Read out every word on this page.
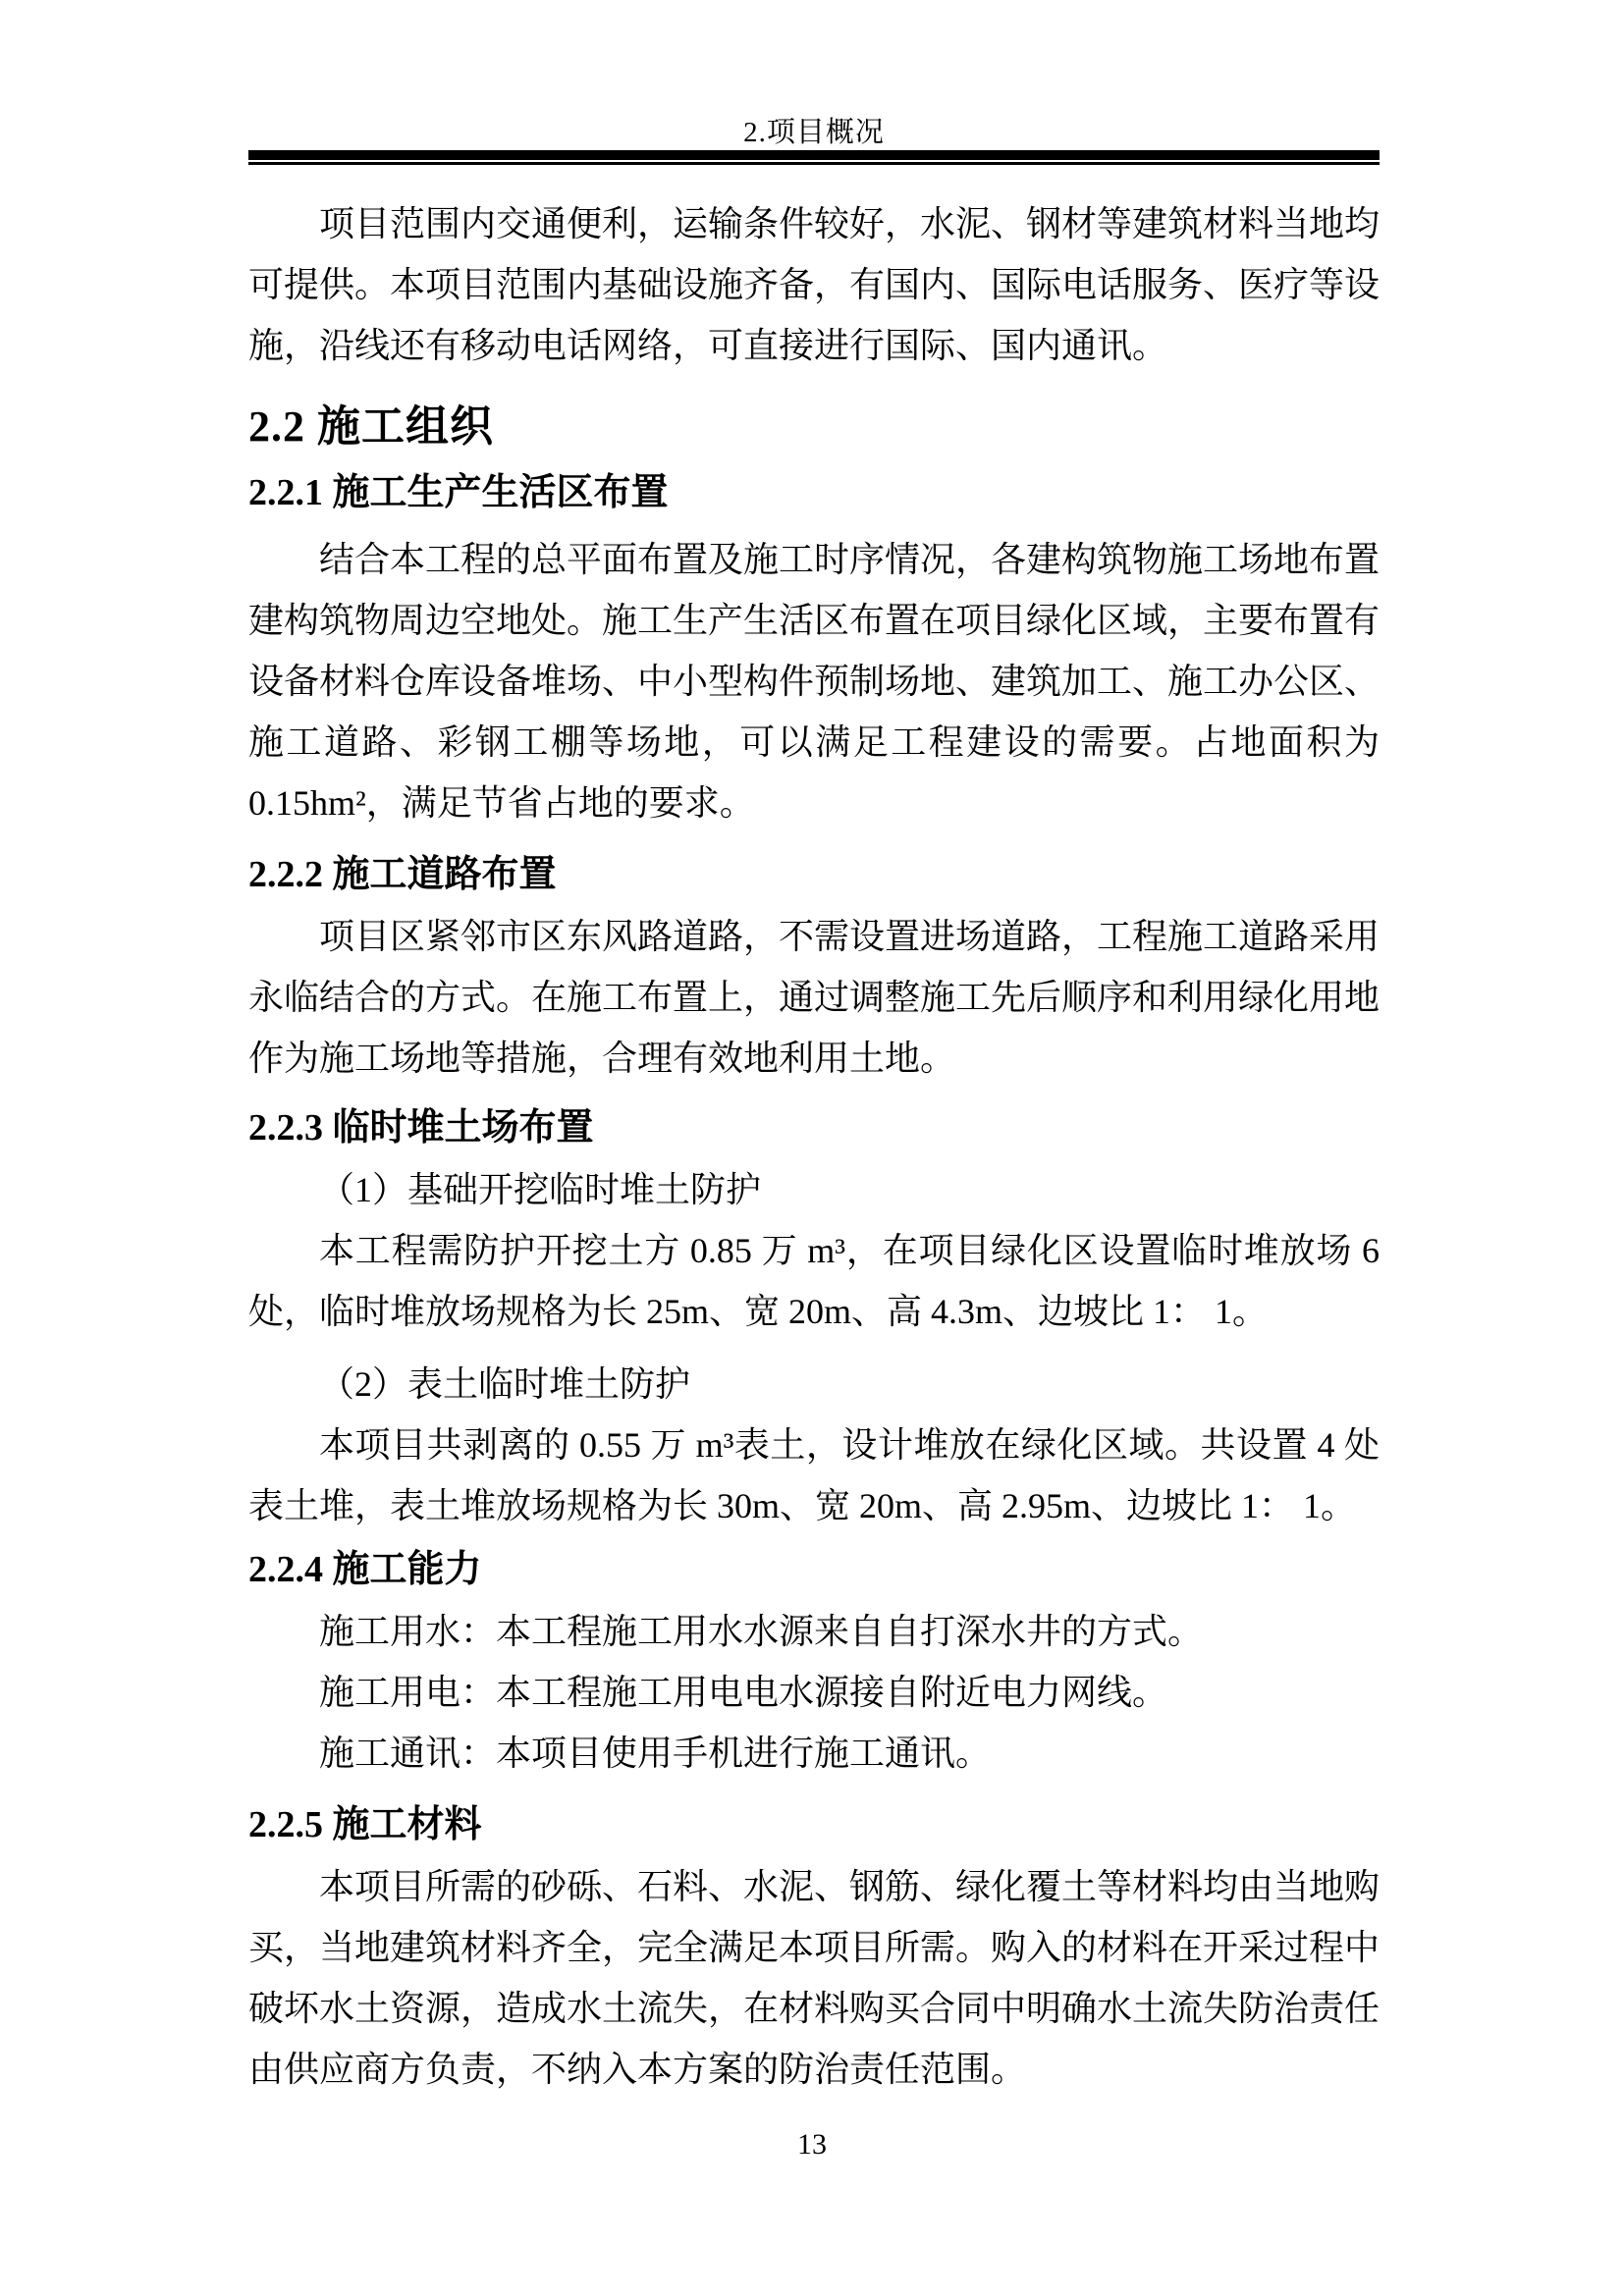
2.项目概况

项目范围内交通便利，运输条件较好，水泥、钢材等建筑材料当地均可提供。本项目范围内基础设施齐备，有国内、国际电话服务、医疗等设施，沿线还有移动电话网络，可直接进行国际、国内通讯。

2.2 施工组织
2.2.1 施工生产生活区布置

结合本工程的总平面布置及施工时序情况，各建构筑物施工场地布置建构筑物周边空地处。施工生产生活区布置在项目绿化区域，主要布置有设备材料仓库设备堆场、中小型构件预制场地、建筑加工、施工办公区、施工道路、彩钢工棚等场地，可以满足工程建设的需要。占地面积为 0.15hm²，满足节省占地的要求。

2.2.2 施工道路布置

项目区紧邻市区东风路道路，不需设置进场道路，工程施工道路采用永临结合的方式。在施工布置上，通过调整施工先后顺序和利用绿化用地作为施工场地等措施，合理有效地利用土地。

2.2.3 临时堆土场布置

（1）基础开挖临时堆土防护

本工程需防护开挖土方 0.85 万 m³，在项目绿化区设置临时堆放场 6 处，临时堆放场规格为长 25m、宽 20m、高 4.3m、边坡比 1： 1。

（2）表土临时堆土防护

本项目共剥离的 0.55 万 m³表土，设计堆放在绿化区域。共设置 4 处表土堆，表土堆放场规格为长 30m、宽 20m、高 2.95m、边坡比 1： 1。

2.2.4 施工能力

施工用水：本工程施工用水水源来自自打深水井的方式。

施工用电：本工程施工用电电水源接自附近电力网线。

施工通讯：本项目使用手机进行施工通讯。

2.2.5 施工材料

本项目所需的砂砾、石料、水泥、钢筋、绿化覆土等材料均由当地购买，当地建筑材料齐全，完全满足本项目所需。购入的材料在开采过程中破坏水土资源，造成水土流失，在材料购买合同中明确水土流失防治责任由供应商方负责，不纳入本方案的防治责任范围。

13
